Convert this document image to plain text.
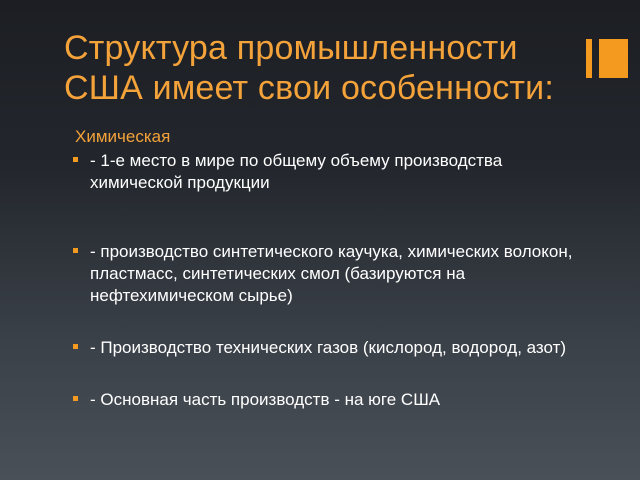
Структура промышленности США имеет свои особенности:
Химическая
- 1-е место в мире по общему объему производства химической продукции
- производство синтетического каучука, химических волокон, пластмасс, синтетических смол (базируются на нефтехимическом сырье)
- Производство технических газов (кислород, водород, азот)
- Основная часть производств - на юге США
